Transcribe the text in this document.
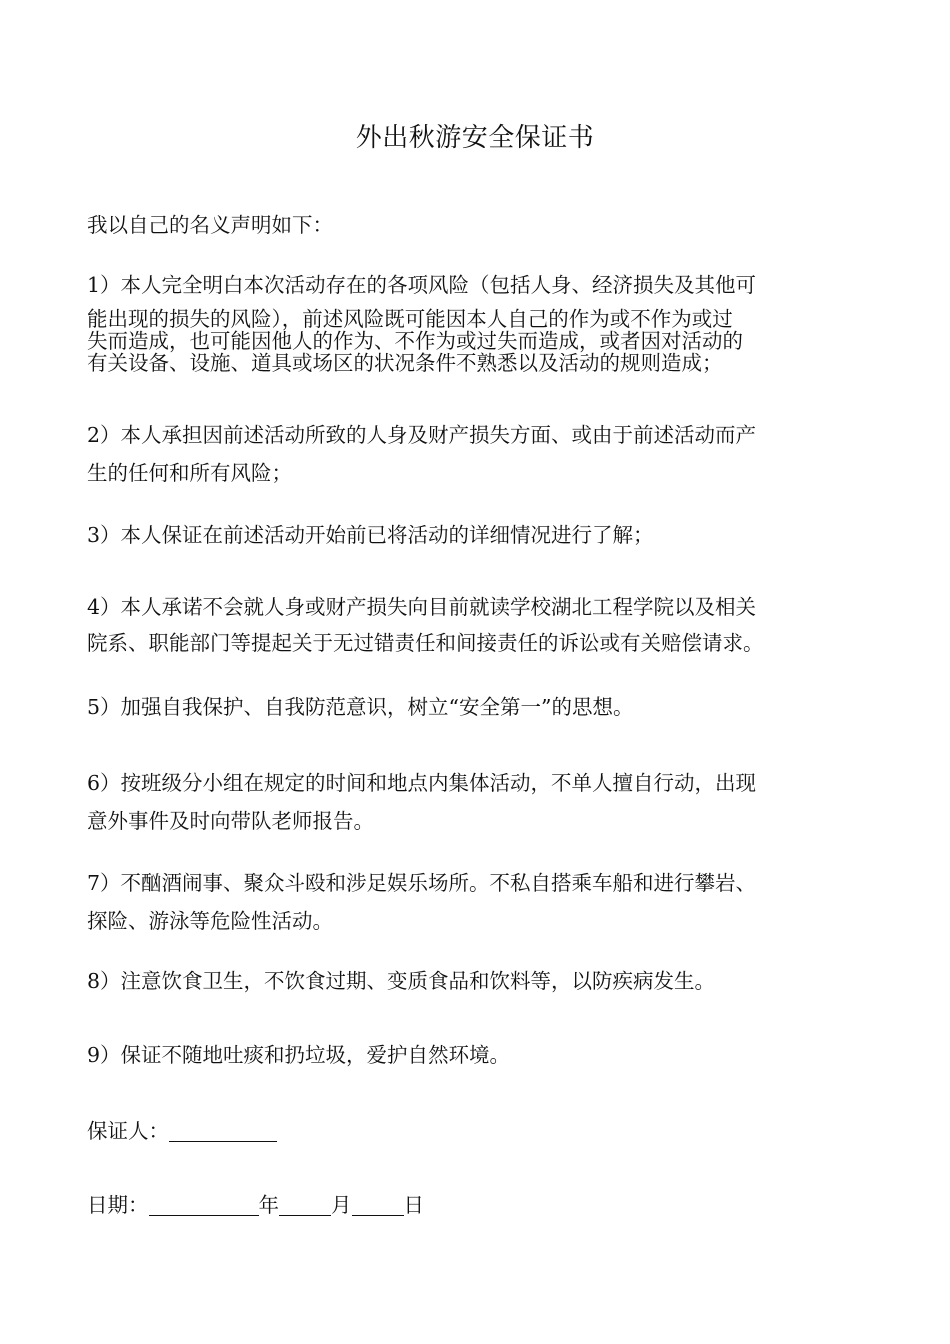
外出秋游安全保证书

我以自己的名义声明如下：

1）本人完全明白本次活动存在的各项风险（包括人身、经济损失及其他可
能出现的损失的风险），前述风险既可能因本人自己的作为或不作为或过
失而造成，也可能因他人的作为、不作为或过失而造成，或者因对活动的
有关设备、设施、道具或场区的状况条件不熟悉以及活动的规则造成；

2）本人承担因前述活动所致的人身及财产损失方面、或由于前述活动而产
生的任何和所有风险；

3）本人保证在前述活动开始前已将活动的详细情况进行了解；

4）本人承诺不会就人身或财产损失向目前就读学校湖北工程学院以及相关
院系、职能部门等提起关于无过错责任和间接责任的诉讼或有关赔偿请求。

5）加强自我保护、自我防范意识，树立“安全第一”的思想。

6）按班级分小组在规定的时间和地点内集体活动，不单人擅自行动，出现
意外事件及时向带队老师报告。

7）不酗酒闹事、聚众斗殴和涉足娱乐场所。不私自搭乘车船和进行攀岩、
探险、游泳等危险性活动。

8）注意饮食卫生，不饮食过期、变质食品和饮料等，以防疾病发生。

9）保证不随地吐痰和扔垃圾，爱护自然环境。

保证人：

日期：	年	月	日
